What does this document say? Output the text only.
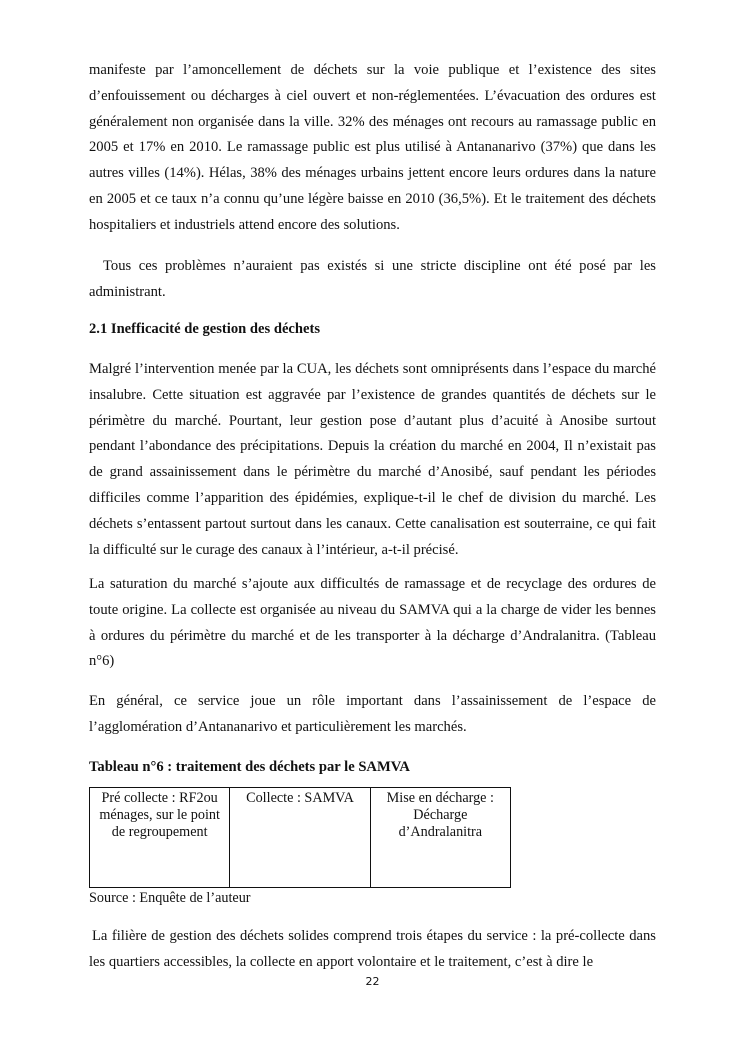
manifeste par l’amoncellement de déchets sur la voie publique et l’existence des sites d’enfouissement ou décharges à ciel ouvert et non-réglementées. L’évacuation des ordures est généralement non organisée dans la ville. 32% des ménages ont recours au ramassage public en 2005 et 17% en 2010. Le ramassage public est plus utilisé à Antananarivo (37%) que dans les autres villes (14%). Hélas, 38% des ménages urbains jettent encore leurs ordures dans la nature en 2005 et ce taux n’a connu qu’une légère baisse en 2010 (36,5%). Et le traitement des déchets hospitaliers et industriels attend encore des solutions.

Tous ces problèmes n’auraient pas existés si une stricte discipline ont été posé par les administrant.

2.1 Inefficacité de gestion des déchets

Malgré l’intervention menée par la CUA, les déchets sont omniprésents dans l’espace du marché insalubre. Cette situation est aggravée par l’existence de grandes quantités de déchets sur le périmètre du marché. Pourtant, leur gestion pose d’autant plus d’acuité à Anosibe surtout pendant l’abondance des précipitations. Depuis la création du marché en 2004, Il n’existait pas de grand assainissement dans le périmètre du marché d’Anosibé, sauf pendant les périodes difficiles comme l’apparition des épidémies, explique-t-il le chef de division du marché. Les déchets s’entassent partout surtout dans les canaux. Cette canalisation est souterraine, ce qui fait la difficulté sur le curage des canaux à l’intérieur, a-t-il précisé.

La saturation du marché s’ajoute aux difficultés de ramassage et de recyclage des ordures de toute origine. La collecte est organisée au niveau du SAMVA qui a la charge de vider les bennes à ordures du périmètre du marché et de les transporter à la décharge d’Andralanitra. (Tableau n°6)

En général, ce service joue un rôle important dans l’assainissement de l’espace de l’agglomération d’Antananarivo et particulièrement les marchés.

Tableau n°6 : traitement des déchets par le SAMVA
Pré collecte : RF2ou ménages, sur le point de regroupement	Collecte : SAMVA	Mise en décharge : Décharge d’Andralanitra

Source : Enquête de l’auteur

La filière de gestion des déchets solides comprend trois étapes du service : la pré-collecte dans les quartiers accessibles, la collecte en apport volontaire et le traitement, c’est à dire le

22
